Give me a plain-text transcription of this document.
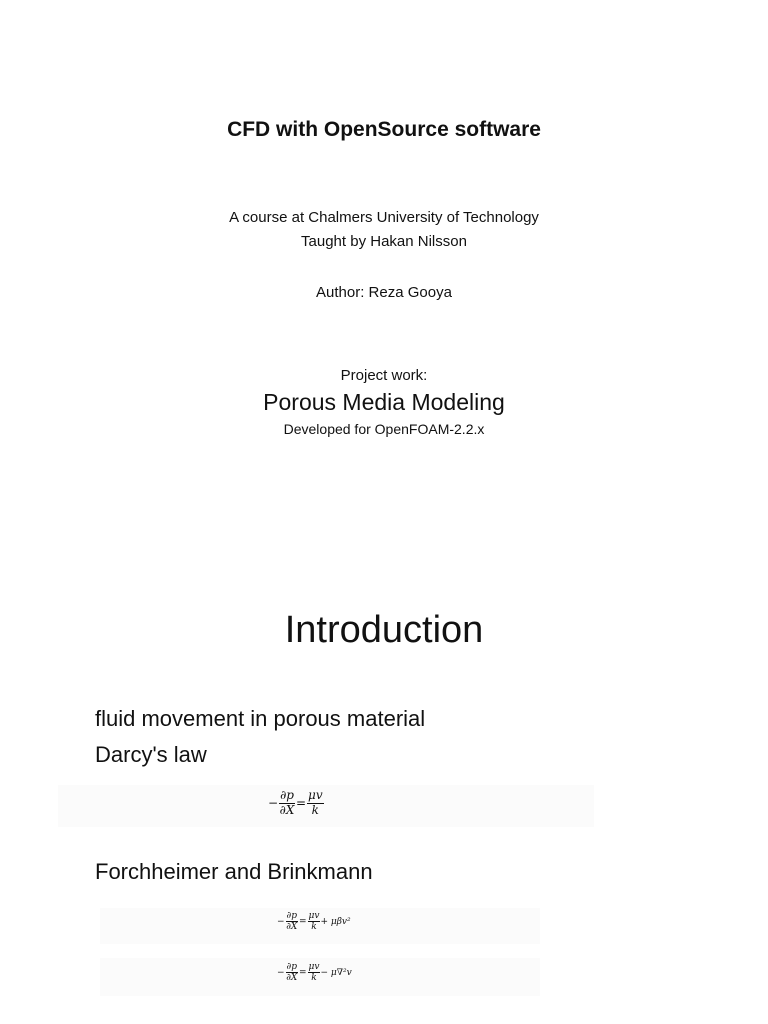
CFD with OpenSource software
A course at Chalmers University of Technology
Taught by Hakan Nilsson
Author: Reza Gooya
Project work:
Porous Media Modeling
Developed for OpenFOAM-2.2.x
Introduction
fluid movement in porous material
Darcy's law
− $\frac{\partial p}{\partial X} = \frac{\mu v}{k}$
Forchheimer and Brinkmann
− $\frac{\partial p}{\partial X} = \frac{\mu v}{k} + \mu\beta v^2$
− $\frac{\partial p}{\partial X} = \frac{\mu v}{k} - \mu\nabla^2v$
